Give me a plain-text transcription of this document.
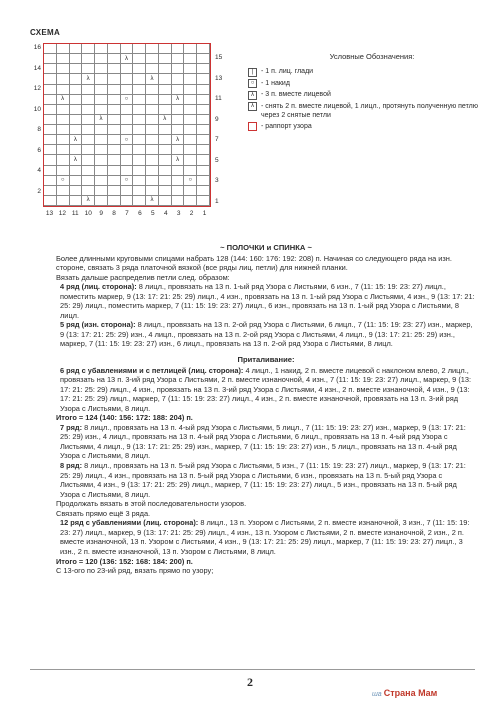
СХЕМА
16
14
12
10
8
6
4
2
λ
λ	λ
λ	○	λ
λ	λ
λ	○	λ
λ	λ
○	○	○
λ	λ
15
13
11
9
7
5
3
1
13 12 11 10	9	8	7	6	5	4	3	2	1
Условные Обозначения:
|	- 1 п. лиц. глади
○ - 1 накид
λ	- 3 п. вместе лицевой
λ	- снять 2 п. вместе лицевой, 1 лицл., протянуть полученную петлю через 2 снятые петли
- раппорт узора
~ ПОЛОЧКИ и СПИНКА ~
Более длинными круговыми спицами набрать 128 (144: 160: 176: 192: 208) п. Начиная со следующего ряда на изн. стороне, связать 3 ряда платочной вязкой (все ряды лиц. петли) для нижней планки.
Вязать дальше распределив петли след. образом:
4 ряд (лиц. сторона): 8 лицл., провязать на 13 п. 1-ый ряд Узора с Листьями, 6 изн., 7 (11: 15: 19: 23: 27) лицл., поместить маркер, 9 (13: 17: 21: 25: 29) лицл., 4 изн., провязать на 13 п. 1-ый ряд Узора с Листьями, 4 изн., 9 (13: 17: 21: 25: 29) лицл., поместить маркер, 7 (11: 15: 19: 23: 27) лицл., 6 изн., провязать на 13 п. 1-ый ряд Узора с Листьями, 8 лицл.
5 ряд (изн. сторона): 8 лицл., провязать на 13 п. 2-ой ряд Узора с Листьями, 6 лицл., 7 (11: 15: 19: 23: 27) изн., маркер, 9 (13: 17: 21: 25: 29) изн., 4 лицл., провязать на 13 п. 2-ой ряд Узора с Листьями, 4 лицл., 9 (13: 17: 21: 25: 29) изн., маркер, 7 (11: 15: 19: 23: 27) изн., 6 лицл., провязать на 13 п. 2-ой ряд Узора с Листьями, 8 лицл.
Приталивание:
6 ряд с убавлениями и с петлицей (лиц. сторона): 4 лицл., 1 накид, 2 п. вместе лицевой с наклоном влево, 2 лицл., провязать на 13 п. 3-ий ряд Узора с Листьями, 2 п. вместе изнаночной, 4 изн., 7 (11: 15: 19: 23: 27) лицл., маркер, 9 (13: 17: 21: 25: 29) лицл., 4 изн., провязать на 13 п. 3-ий ряд Узора с Листьями, 4 изн., 2 п. вместе изнаночной, 4 изн., 9 (13: 17: 21: 25: 29) лицл., маркер, 7 (11: 15: 19: 23: 27) лицл., 4 изн., 2 п. вместе изнаночной, провязать на 13 п. 3-ий ряд Узора с Листьями, 8 лицл.
Итого = 124 (140: 156: 172: 188: 204) п.
7 ряд: 8 лицл., провязать на 13 п. 4-ый ряд Узора с Листьями, 5 лицл., 7 (11: 15: 19: 23: 27) изн., маркер, 9 (13: 17: 21: 25: 29) изн., 4 лицл., провязать на 13 п. 4-ый ряд Узора с Листьями, 6 лицл., провязать на 13 п. 4-ый ряд Узора с Листьями, 4 лицл., 9 (13: 17: 21: 25: 29) изн., маркер, 7 (11: 15: 19: 23: 27) изн., 5 лицл., провязать на 13 п. 4-ый ряд Узора с Листьями, 8 лицл.
8 ряд: 8 лицл., провязать на 13 п. 5-ый ряд Узора с Листьями, 5 изн., 7 (11: 15: 19: 23: 27) лицл., маркер, 9 (13: 17: 21: 25: 29) лицл., 4 изн., провязать на 13 п. 5-ый ряд Узора с Листьями, 6 изн., провязать на 13 п. 5-ый ряд Узора с Листьями, 4 изн., 9 (13: 17: 21: 25: 29) лицл., маркер, 7 (11: 15: 19: 23: 27) лицл., 5 изн., провязать на 13 п. 5-ый ряд Узора с Листьями, 8 лицл.
Продолжать вязать в этой последовательности узоров.
Связать прямо ещё 3 ряда.
12 ряд с убавлениями (лиц. сторона): 8 лицл., 13 п. Узором с Листьями, 2 п. вместе изнаночной, 3 изн., 7 (11: 15: 19: 23: 27) лицл., маркер, 9 (13: 17: 21: 25: 29) лицл., 4 изн., 13 п. Узором с Листьями, 2 п. вместе изнаночной, 2 изн., 2 п. вместе изнаночной, 13 п. Узором с Листьями, 4 изн., 9 (13: 17: 21: 25: 29) лицл., маркер, 7 (11: 15: 19: 23: 27) лицл., 3 изн., 2 п. вместе изнаночной, 13 п. Узором с Листьями, 8 лицл.
Итого = 120 (136: 152: 168: 184: 200) п.
С 13-ого по 23-ий ряд, вязать прямо по узору;
2
ша Страна Мам
